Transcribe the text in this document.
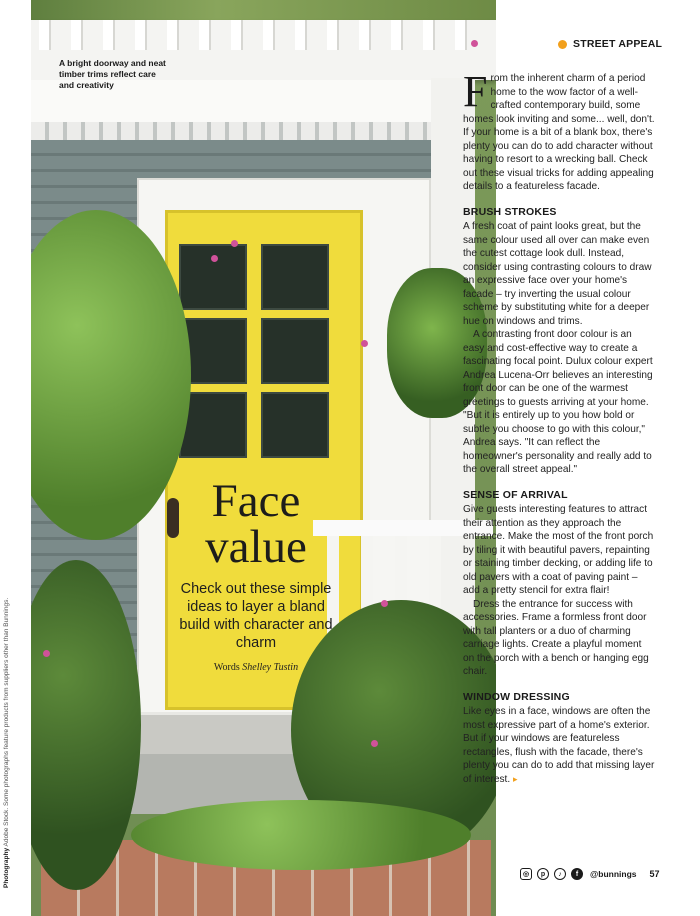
A bright doorway and neat timber trims reflect care and creativity
Face
value
Check out these simple ideas to layer a bland build with character and charm
Words Shelley Tustin
Photography Adobe Stock. Some photographs feature products from suppliers other than Bunnings.
STREET APPEAL
From the inherent charm of a period home to the wow factor of a well-crafted contemporary build, some homes look inviting and some... well, don't. If your home is a bit of a blank box, there's plenty you can do to add character without having to resort to a wrecking ball. Check out these visual tricks for adding appealing details to a featureless facade.
BRUSH STROKES

A fresh coat of paint looks great, but the same colour used all over can make even the cutest cottage look dull. Instead, consider using contrasting colours to draw an expressive face over your home's facade – try inverting the usual colour scheme by substituting white for a deeper hue on windows and trims.

A contrasting front door colour is an easy and cost-effective way to create a fascinating focal point. Dulux colour expert Andrea Lucena-Orr believes an interesting front door can be one of the warmest greetings to guests arriving at your home. "But it is entirely up to you how bold or subtle you choose to go with this colour," Andrea says. "It can reflect the homeowner's personality and really add to the overall street appeal."

SENSE OF ARRIVAL

Give guests interesting features to attract their attention as they approach the entrance. Make the most of the front porch by tiling it with beautiful pavers, repainting or staining timber decking, or adding life to old pavers with a coat of paving paint – add a pretty stencil for extra flair!

Dress the entrance for success with accessories. Frame a formless front door with tall planters or a duo of charming carriage lights. Create a playful moment on the porch with a bench or hanging egg chair.

WINDOW DRESSING

Like eyes in a face, windows are often the most expressive part of a home's exterior. But if your windows are featureless rectangles, flush with the facade, there's plenty you can do to add that missing layer of interest. ▸

◎	p	♪	f	@bunnings 57
